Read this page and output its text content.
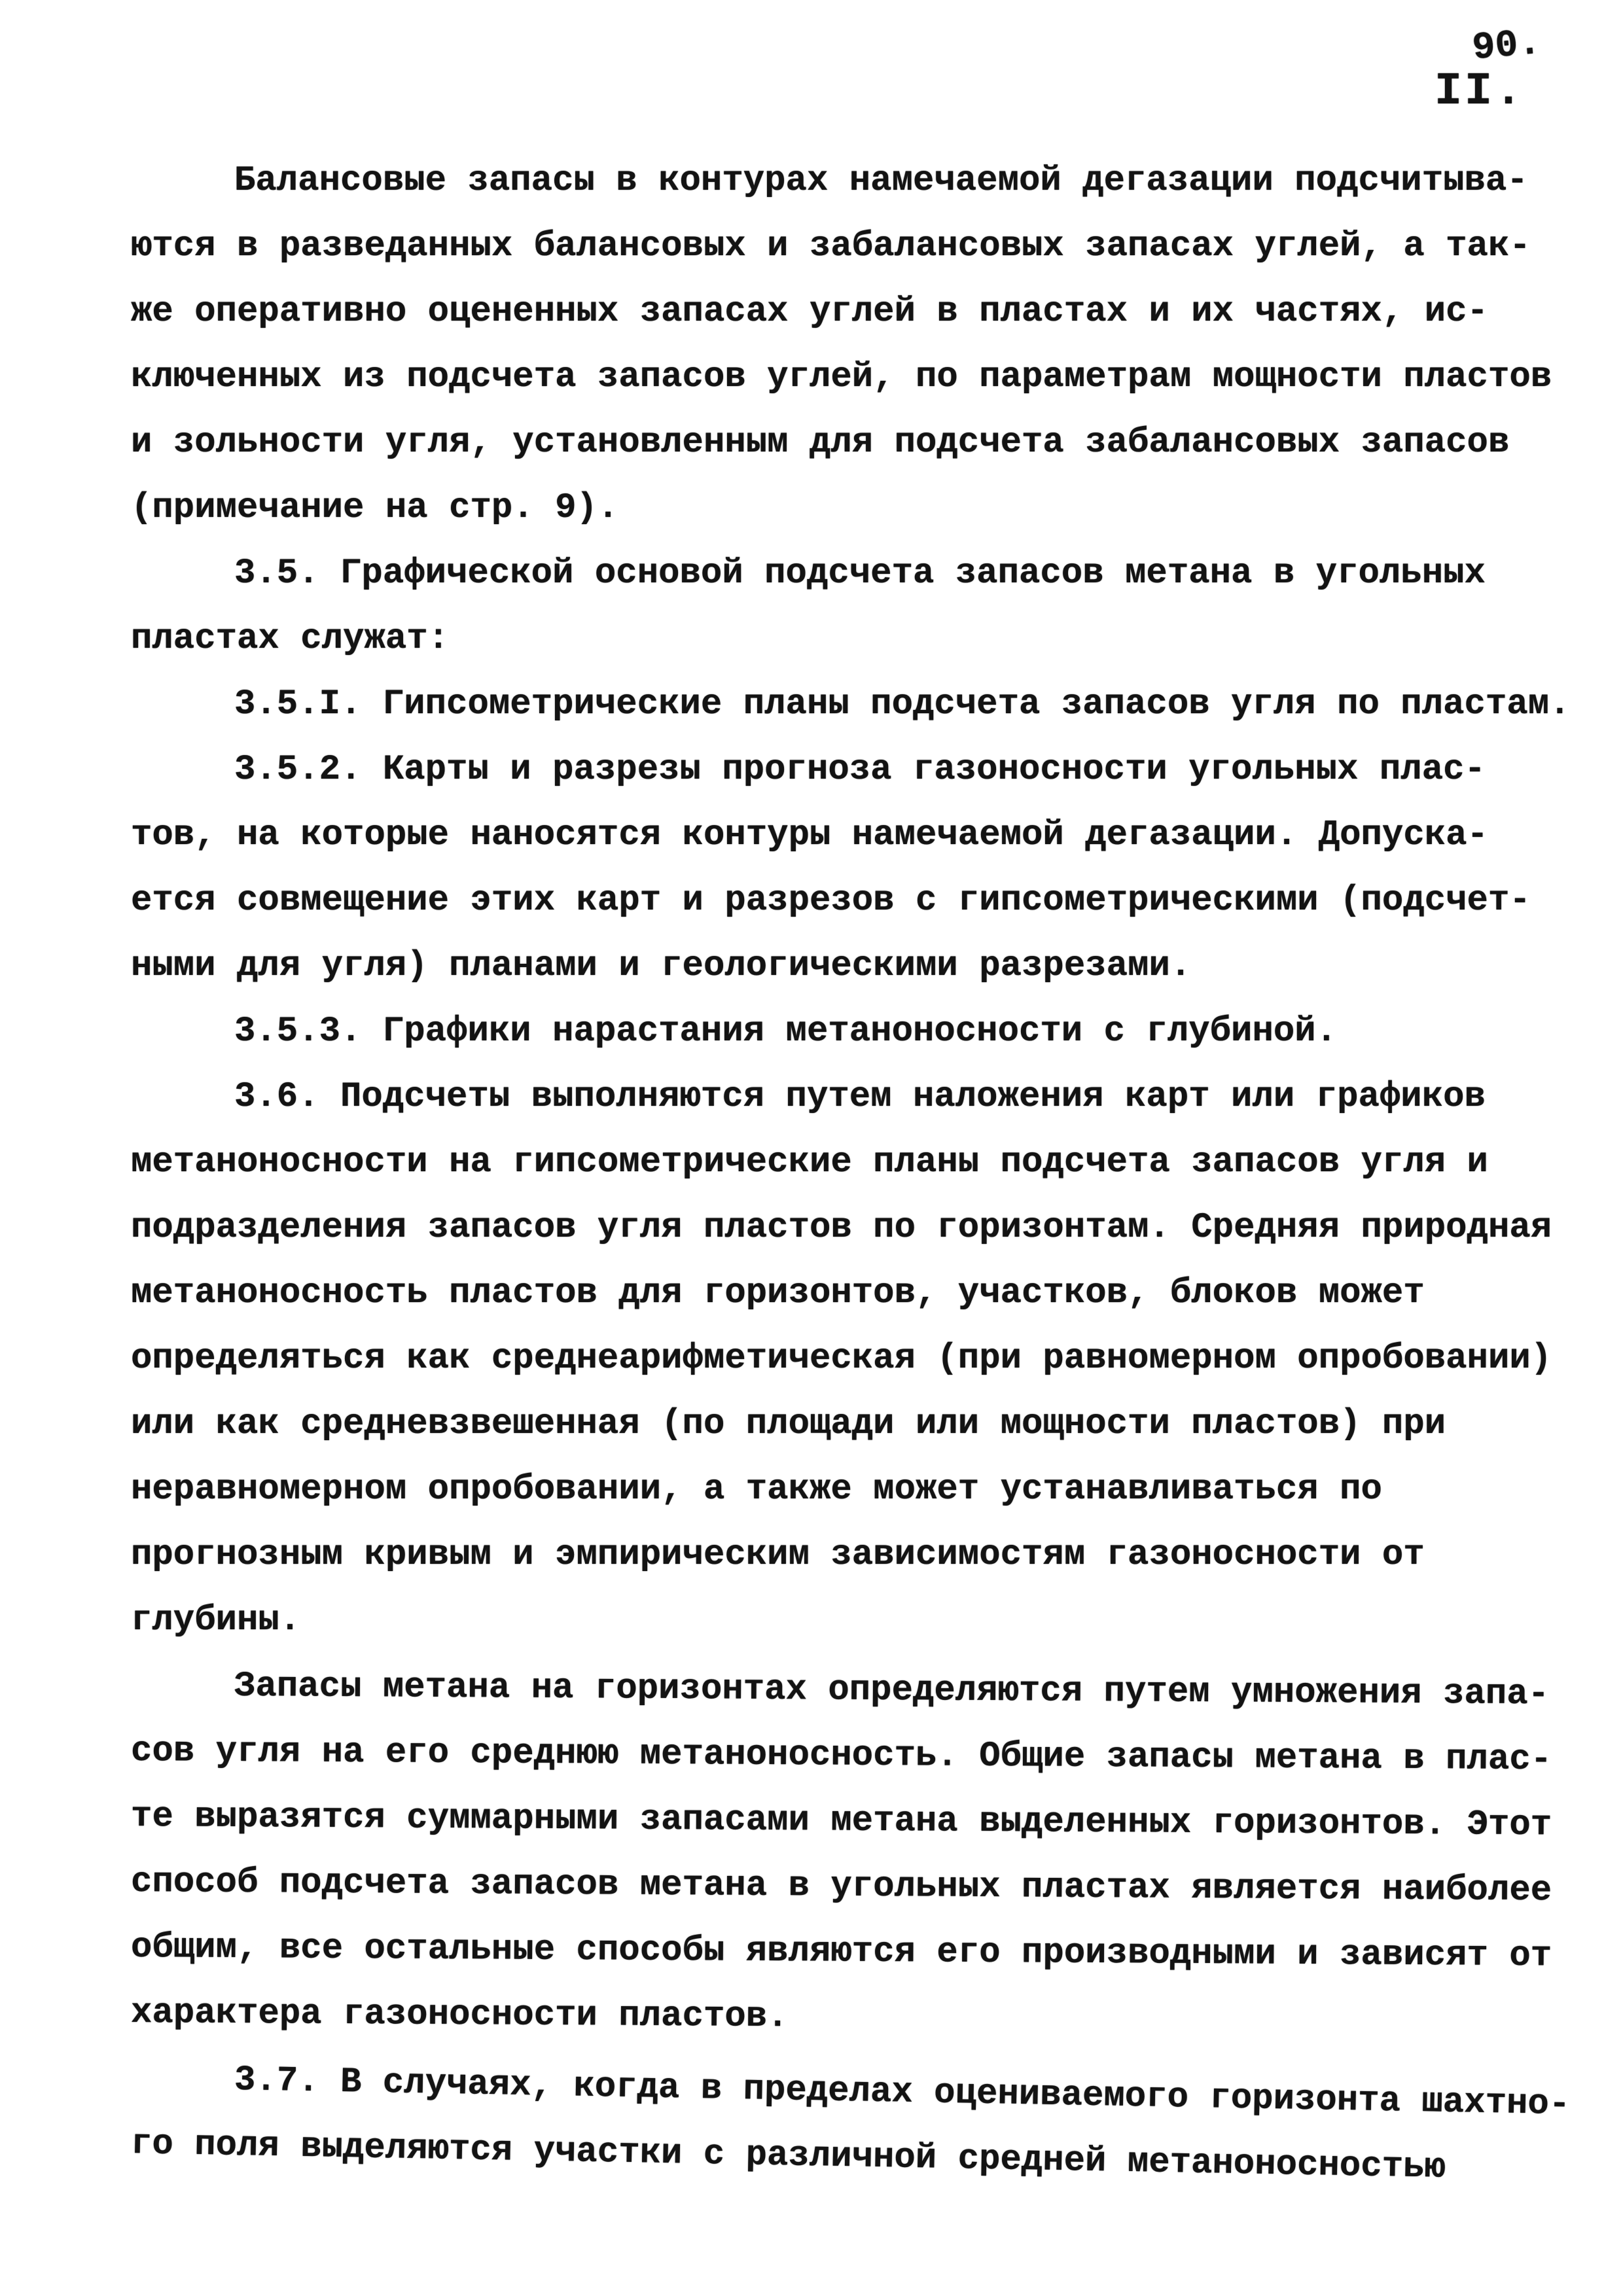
90.
II.
Балансовые запасы в контурах намечаемой дегазации подсчитыва-
ются в разведанных балансовых и забалансовых запасах углей, а так-
же оперативно оцененных запасах углей в пластах и их частях, ис-
ключенных из подсчета запасов углей, по параметрам мощности пластов
и зольности угля, установленным для подсчета забалансовых запасов
(примечание на стр. 9).
3.5. Графической основой подсчета запасов метана в угольных
пластах служат:
3.5.I. Гипсометрические планы подсчета запасов угля по пластам.
3.5.2. Карты и разрезы прогноза газоносности угольных плас-
тов, на которые наносятся контуры намечаемой дегазации. Допуска-
ется совмещение этих карт и разрезов с гипсометрическими (подсчет-
ными для угля) планами и геологическими разрезами.
3.5.3. Графики нарастания метаноносности с глубиной.
3.6. Подсчеты выполняются путем наложения карт или графиков
метаноносности на гипсометрические планы подсчета запасов угля и
подразделения запасов угля пластов по горизонтам. Средняя природная
метаноносность пластов для горизонтов, участков, блоков может
определяться как среднеарифметическая (при равномерном опробовании)
или как средневзвешенная (по площади или мощности пластов) при
неравномерном опробовании, а также может устанавливаться по
прогнозным кривым и эмпирическим зависимостям газоносности от
глубины.
Запасы метана на горизонтах определяются путем умножения запа-
сов угля на его среднюю метаноносность. Общие запасы метана в плас-
те выразятся суммарными запасами метана выделенных горизонтов. Этот
способ подсчета запасов метана в угольных пластах является наиболее
общим, все остальные способы являются его производными и зависят от
характера газоносности пластов.
3.7. В случаях, когда в пределах оцениваемого горизонта шахтно-
го поля выделяются участки с различной средней метаноносностью
